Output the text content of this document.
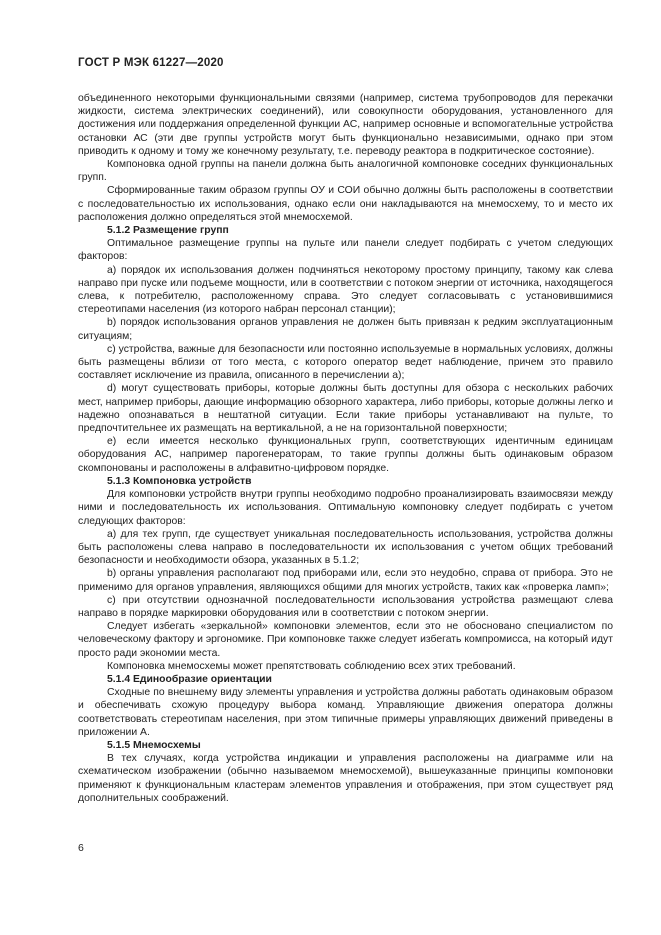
ГОСТ Р МЭК 61227—2020

объединенного некоторыми функциональными связями (например, система трубопроводов для перекачки жидкости, система электрических соединений), или совокупности оборудования, установленного для достижения или поддержания определенной функции АС, например основные и вспомогательные устройства остановки АС (эти две группы устройств могут быть функционально независимыми, однако при этом приводить к одному и тому же конечному результату, т.е. переводу реактора в подкритическое состояние).

Компоновка одной группы на панели должна быть аналогичной компоновке соседних функциональных групп.

Сформированные таким образом группы ОУ и СОИ обычно должны быть расположены в соответствии с последовательностью их использования, однако если они накладываются на мнемосхему, то и место их расположения должно определяться этой мнемосхемой.

5.1.2 Размещение групп

Оптимальное размещение группы на пульте или панели следует подбирать с учетом следующих факторов:

a) порядок их использования должен подчиняться некоторому простому принципу, такому как слева направо при пуске или подъеме мощности, или в соответствии с потоком энергии от источника, находящегося слева, к потребителю, расположенному справа. Это следует согласовывать с установившимися стереотипами населения (из которого набран персонал станции);

b) порядок использования органов управления не должен быть привязан к редким эксплуатационным ситуациям;

c) устройства, важные для безопасности или постоянно используемые в нормальных условиях, должны быть размещены вблизи от того места, с которого оператор ведет наблюдение, причем это правило составляет исключение из правила, описанного в перечислении а);

d) могут существовать приборы, которые должны быть доступны для обзора с нескольких рабочих мест, например приборы, дающие информацию обзорного характера, либо приборы, которые должны легко и надежно опознаваться в нештатной ситуации. Если такие приборы устанавливают на пульте, то предпочтительнее их размещать на вертикальной, а не на горизонтальной поверхности;

e) если имеется несколько функциональных групп, соответствующих идентичным единицам оборудования АС, например парогенераторам, то такие группы должны быть одинаковым образом скомпонованы и расположены в алфавитно-цифровом порядке.

5.1.3 Компоновка устройств

Для компоновки устройств внутри группы необходимо подробно проанализировать взаимосвязи между ними и последовательность их использования. Оптимальную компоновку следует подбирать с учетом следующих факторов:

a) для тех групп, где существует уникальная последовательность использования, устройства должны быть расположены слева направо в последовательности их использования с учетом общих требований безопасности и необходимости обзора, указанных в 5.1.2;

b) органы управления располагают под приборами или, если это неудобно, справа от прибора. Это не применимо для органов управления, являющихся общими для многих устройств, таких как «проверка ламп»;

c) при отсутствии однозначной последовательности использования устройства размещают слева направо в порядке маркировки оборудования или в соответствии с потоком энергии.

Следует избегать «зеркальной» компоновки элементов, если это не обосновано специалистом по человеческому фактору и эргономике. При компоновке также следует избегать компромисса, на который идут просто ради экономии места.

Компоновка мнемосхемы может препятствовать соблюдению всех этих требований.

5.1.4 Единообразие ориентации

Сходные по внешнему виду элементы управления и устройства должны работать одинаковым образом и обеспечивать схожую процедуру выбора команд. Управляющие движения оператора должны соответствовать стереотипам населения, при этом типичные примеры управляющих движений приведены в приложении А.

5.1.5 Мнемосхемы

В тех случаях, когда устройства индикации и управления расположены на диаграмме или на схематическом изображении (обычно называемом мнемосхемой), вышеуказанные принципы компоновки применяют к функциональным кластерам элементов управления и отображения, при этом существует ряд дополнительных соображений.

6
